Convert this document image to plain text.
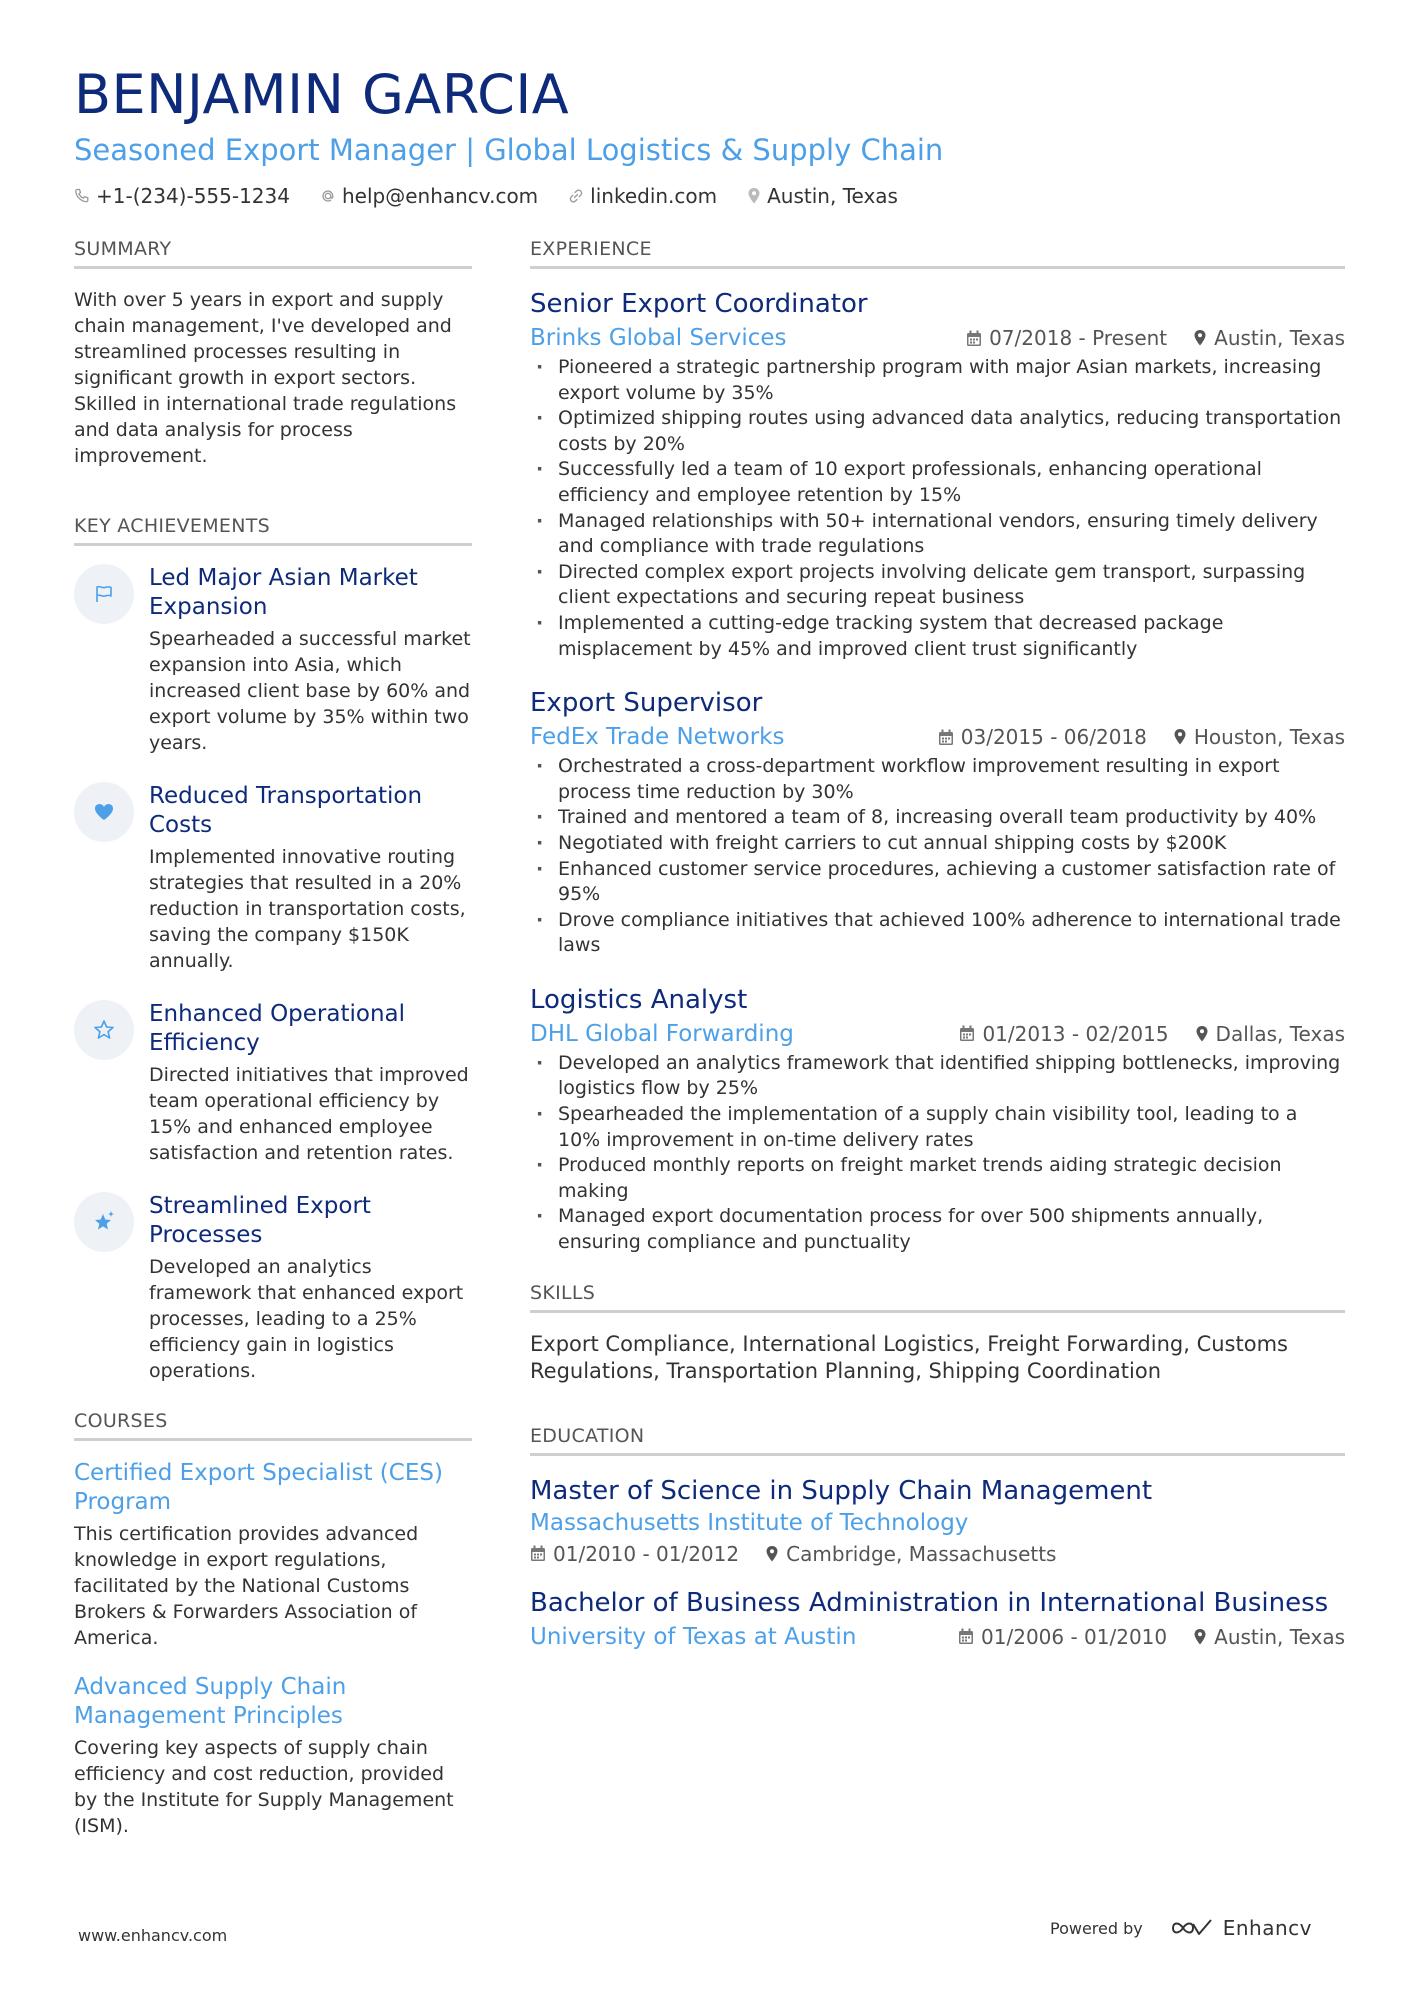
BENJAMIN GARCIA
Seasoned Export Manager | Global Logistics & Supply Chain
+1-(234)-555-1234	help@enhancv.com	linkedin.com	Austin, Texas
SUMMARY

With over 5 years in export and supply chain management, I've developed and streamlined processes resulting in significant growth in export sectors. Skilled in international trade regulations and data analysis for process improvement.

KEY ACHIEVEMENTS
Led Major Asian Market Expansion

Spearheaded a successful market expansion into Asia, which increased client base by 60% and export volume by 35% within two years.

Reduced Transportation Costs

Implemented innovative routing strategies that resulted in a 20% reduction in transportation costs, saving the company $150K annually.

Enhanced Operational Efficiency

Directed initiatives that improved team operational efficiency by 15% and enhanced employee satisfaction and retention rates.

Streamlined Export Processes

Developed an analytics framework that enhanced export processes, leading to a 25% efficiency gain in logistics operations.

COURSES
Certified Export Specialist (CES) Program

This certification provides advanced knowledge in export regulations, facilitated by the National Customs Brokers & Forwarders Association of America.

Advanced Supply Chain Management Principles

Covering key aspects of supply chain efficiency and cost reduction, provided by the Institute for Supply Management (ISM).

EXPERIENCE
Senior Export Coordinator
Brinks Global Services	07/2018 - Present Austin, Texas
· Pioneered a strategic partnership program with major Asian markets, increasing export volume by 35%
· Optimized shipping routes using advanced data analytics, reducing transportation costs by 20%
· Successfully led a team of 10 export professionals, enhancing operational efficiency and employee retention by 15%
· Managed relationships with 50+ international vendors, ensuring timely delivery and compliance with trade regulations
· Directed complex export projects involving delicate gem transport, surpassing client expectations and securing repeat business
· Implemented a cutting-edge tracking system that decreased package misplacement by 45% and improved client trust significantly
Export Supervisor
FedEx Trade Networks	03/2015 - 06/2018 Houston, Texas
· Orchestrated a cross-department workflow improvement resulting in export process time reduction by 30%
· Trained and mentored a team of 8, increasing overall team productivity by 40%
· Negotiated with freight carriers to cut annual shipping costs by $200K
· Enhanced customer service procedures, achieving a customer satisfaction rate of 95%
· Drove compliance initiatives that achieved 100% adherence to international trade laws
Logistics Analyst
DHL Global Forwarding	01/2013 - 02/2015 Dallas, Texas
· Developed an analytics framework that identified shipping bottlenecks, improving logistics flow by 25%
· Spearheaded the implementation of a supply chain visibility tool, leading to a 10% improvement in on-time delivery rates
· Produced monthly reports on freight market trends aiding strategic decision making
· Managed export documentation process for over 500 shipments annually, ensuring compliance and punctuality
SKILLS

Export Compliance, International Logistics, Freight Forwarding, Customs Regulations, Transportation Planning, Shipping Coordination

EDUCATION
Master of Science in Supply Chain Management
Massachusetts Institute of Technology
01/2010 - 01/2012 Cambridge, Massachusetts
Bachelor of Business Administration in International Business
University of Texas at Austin	01/2006 - 01/2010 Austin, Texas
www.enhancv.com	Powered by	Enhancv
